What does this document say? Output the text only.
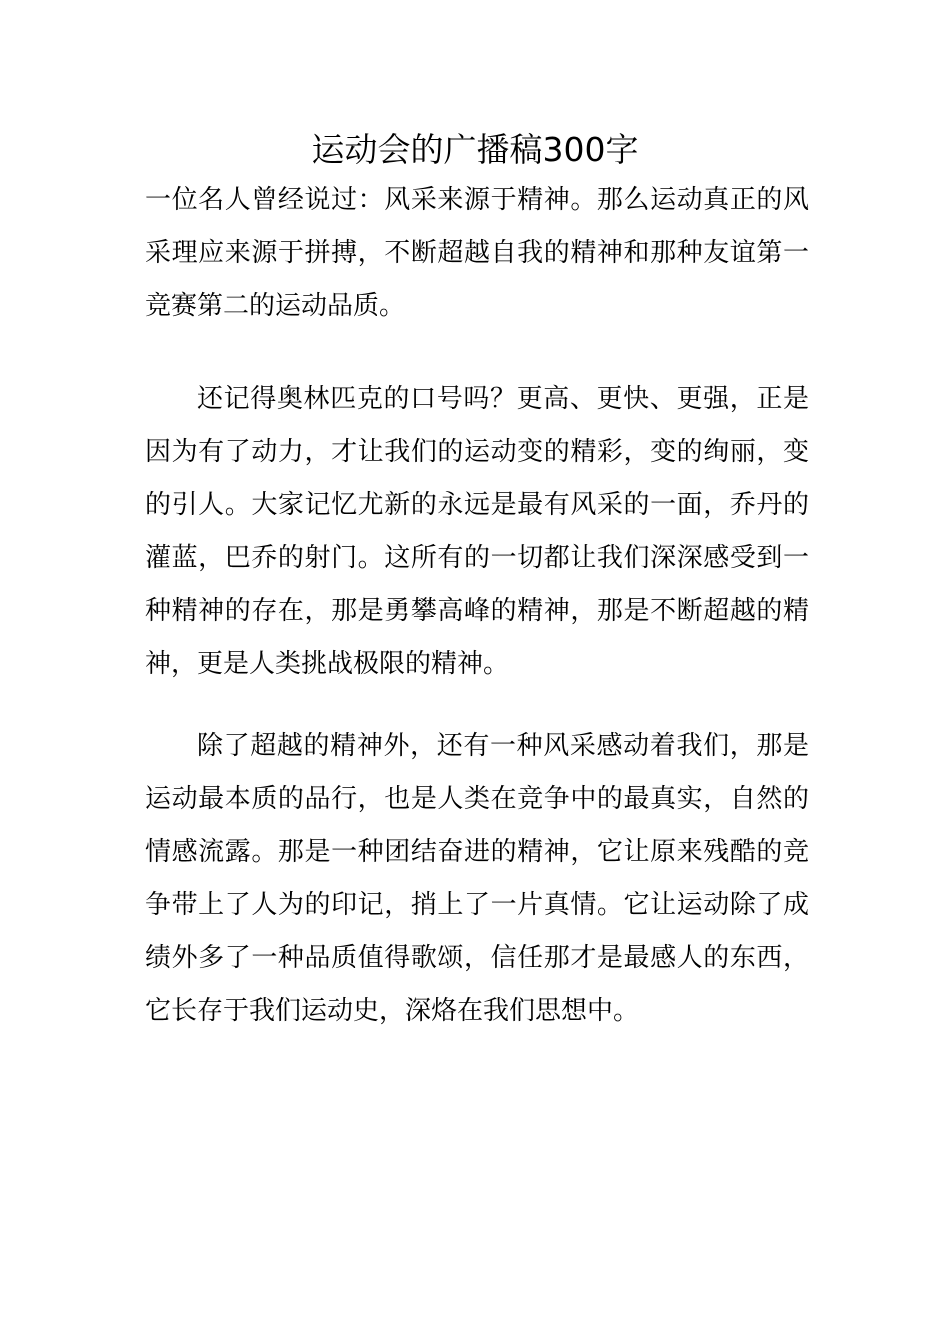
运动会的广播稿300字

一位名人曾经说过：风采来源于精神。那么运动真正的风采理应来源于拼搏，不断超越自我的精神和那种友谊第一竞赛第二的运动品质。

还记得奥林匹克的口号吗？更高、更快、更强，正是因为有了动力，才让我们的运动变的精彩，变的绚丽，变的引人。大家记忆尤新的永远是最有风采的一面，乔丹的灌蓝，巴乔的射门。这所有的一切都让我们深深感受到一种精神的存在，那是勇攀高峰的精神，那是不断超越的精神，更是人类挑战极限的精神。

除了超越的精神外，还有一种风采感动着我们，那是运动最本质的品行，也是人类在竞争中的最真实，自然的情感流露。那是一种团结奋进的精神，它让原来残酷的竞争带上了人为的印记，捎上了一片真情。它让运动除了成绩外多了一种品质值得歌颂，信任那才是最感人的东西，它长存于我们运动史，深烙在我们思想中。
